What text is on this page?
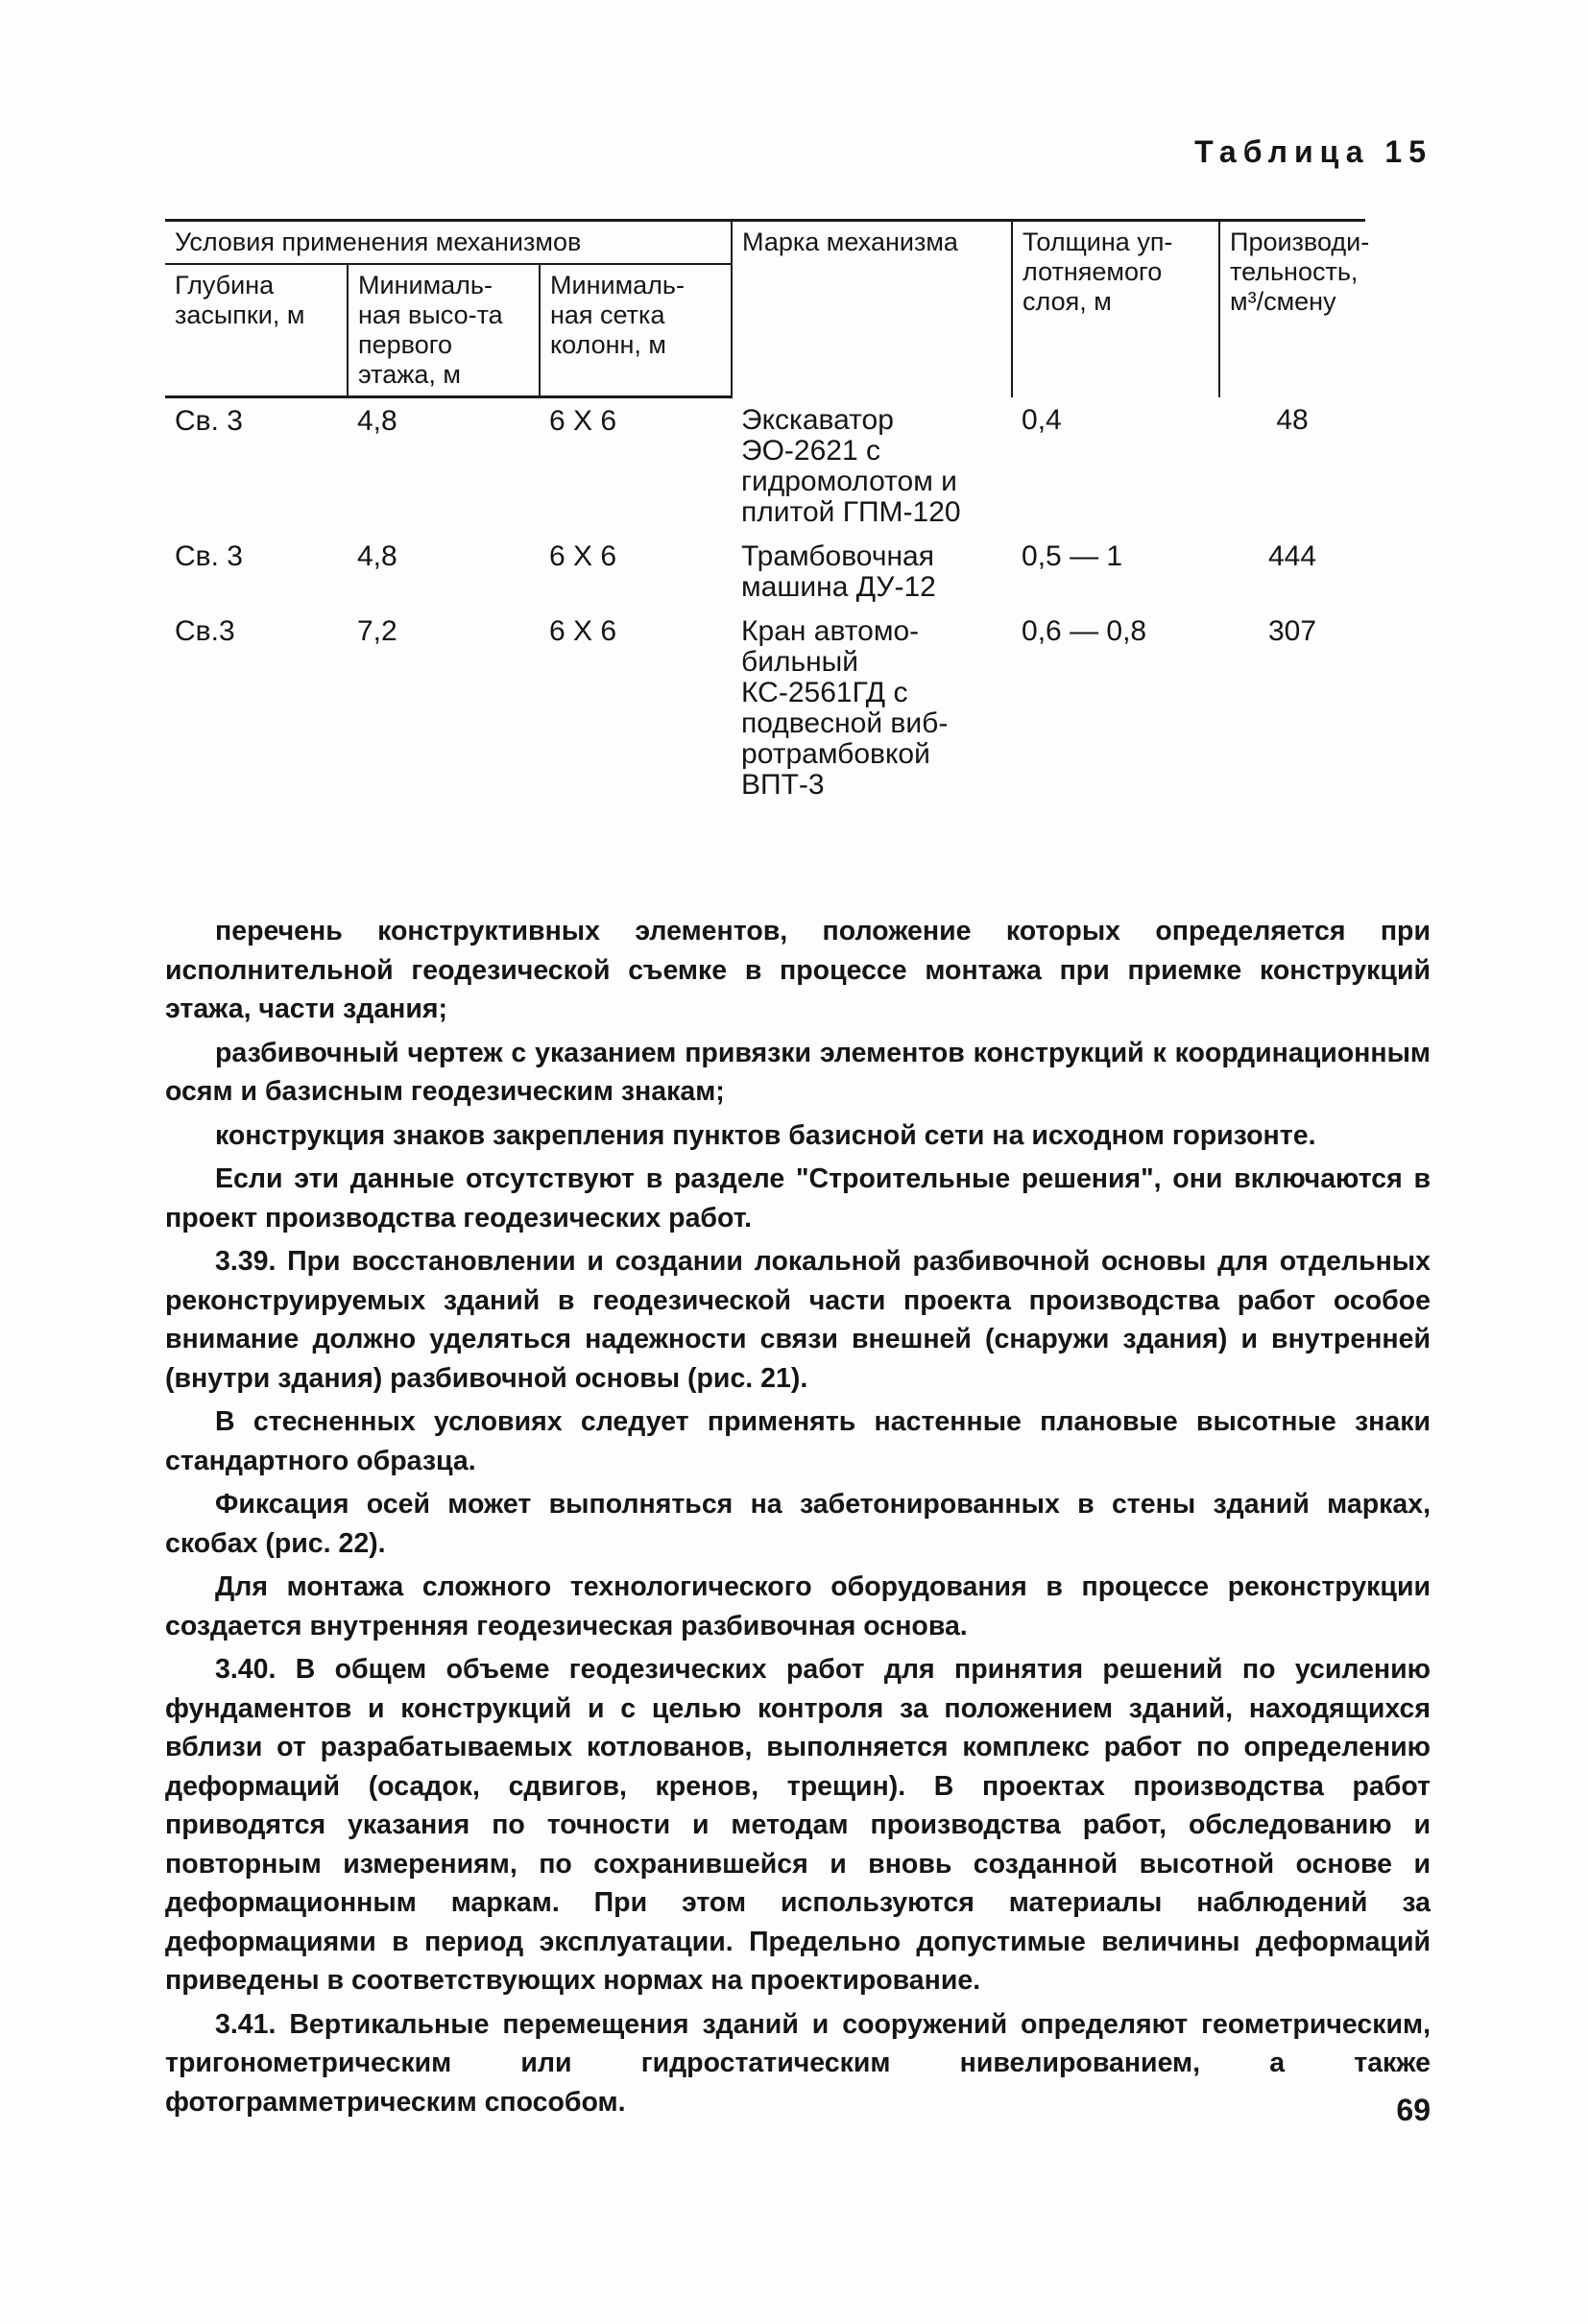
Таблица 15
Условия применения механизмов			Марка механизма	Толщина уп-лотняемого слоя, м	Производи-тельность, м³/смену
Глубина засыпки, м	Минималь-ная высо-та первого этажа, м	Минималь-ная сетка колонн, м			
Св. 3	4,8	6 Х 6	Экскаватор ЭО-2621 с гидромолотом и плитой ГПМ-120	0,4	48
Св. 3	4,8	6 Х 6	Трамбовочная машина ДУ-12	0,5 — 1	444
Св.3	7,2	6 Х 6	Кран автомо-бильный КС-2561ГД с подвесной виб-ротрамбовкой ВПТ-3	0,6 — 0,8	307

перечень конструктивных элементов, положение которых определяется при исполнительной геодезической съемке в процессе монтажа при приемке конструкций этажа, части здания;

разбивочный чертеж с указанием привязки элементов конструкций к координационным осям и базисным геодезическим знакам;

конструкция знаков закрепления пунктов базисной сети на исходном горизонте.

Если эти данные отсутствуют в разделе "Строительные решения", они включаются в проект производства геодезических работ.

3.39. При восстановлении и создании локальной разбивочной основы для отдельных реконструируемых зданий в геодезической части проекта производства работ особое внимание должно уделяться надежности связи внешней (снаружи здания) и внутренней (внутри здания) разбивочной основы (рис. 21).

В стесненных условиях следует применять настенные плановые высотные знаки стандартного образца.

Фиксация осей может выполняться на забетонированных в стены зданий марках, скобах (рис. 22).

Для монтажа сложного технологического оборудования в процессе реконструкции создается внутренняя геодезическая разбивочная основа.

3.40. В общем объеме геодезических работ для принятия решений по усилению фундаментов и конструкций и с целью контроля за положением зданий, находящихся вблизи от разрабатываемых котлованов, выполняется комплекс работ по определению деформаций (осадок, сдвигов, кренов, трещин). В проектах производства работ приводятся указания по точности и методам производства работ, обследованию и повторным измерениям, по сохранившейся и вновь созданной высотной основе и деформационным маркам. При этом используются материалы наблюдений за деформациями в период эксплуатации. Предельно допустимые величины деформаций приведены в соответствующих нормах на проектирование.

3.41. Вертикальные перемещения зданий и сооружений определяют геометрическим, тригонометрическим или гидростатическим нивелированием, а также фотограмметрическим способом.	69
